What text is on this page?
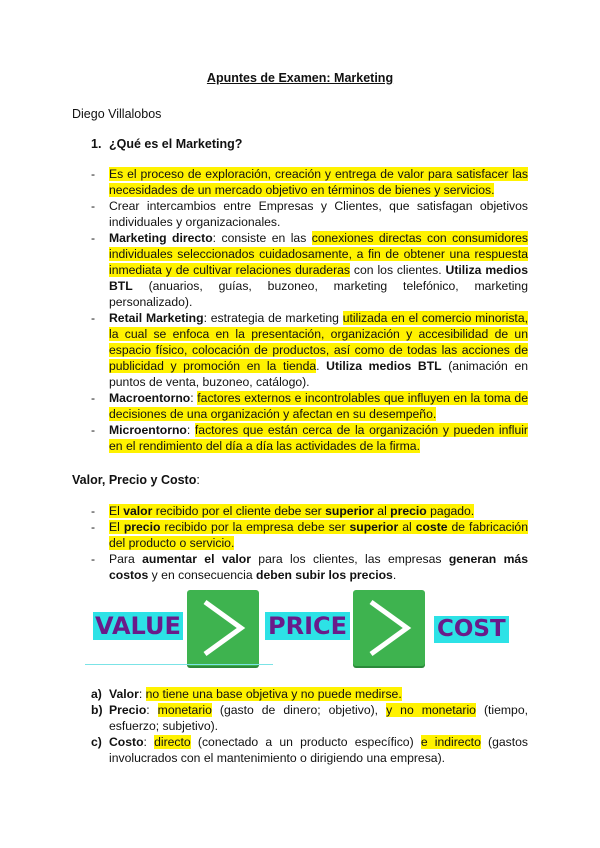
Apuntes de Examen: Marketing
Diego Villalobos
1. ¿Qué es el Marketing?
- Es el proceso de exploración, creación y entrega de valor para satisfacer las necesidades de un mercado objetivo en términos de bienes y servicios.
- Crear intercambios entre Empresas y Clientes, que satisfagan objetivos individuales y organizacionales.
- Marketing directo: consiste en las conexiones directas con consumidores individuales seleccionados cuidadosamente, a fin de obtener una respuesta inmediata y de cultivar relaciones duraderas con los clientes. Utiliza medios BTL (anuarios, guías, buzoneo, marketing telefónico, marketing personalizado).
- Retail Marketing: estrategia de marketing utilizada en el comercio minorista, la cual se enfoca en la presentación, organización y accesibilidad de un espacio físico, colocación de productos, así como de todas las acciones de publicidad y promoción en la tienda. Utiliza medios BTL (animación en puntos de venta, buzoneo, catálogo).
- Macroentorno: factores externos e incontrolables que influyen en la toma de decisiones de una organización y afectan en su desempeño.
- Microentorno: factores que están cerca de la organización y pueden influir en el rendimiento del día a día las actividades de la firma.
Valor, Precio y Costo:
- El valor recibido por el cliente debe ser superior al precio pagado.
- El precio recibido por la empresa debe ser superior al coste de fabricación del producto o servicio.
- Para aumentar el valor para los clientes, las empresas generan más costos y en consecuencia deben subir los precios.
VALUE	PRICE	COST
a) Valor: no tiene una base objetiva y no puede medirse.
b) Precio: monetario (gasto de dinero; objetivo), y no monetario (tiempo, esfuerzo; subjetivo).
c) Costo: directo (conectado a un producto específico) e indirecto (gastos involucrados con el mantenimiento o dirigiendo una empresa).
